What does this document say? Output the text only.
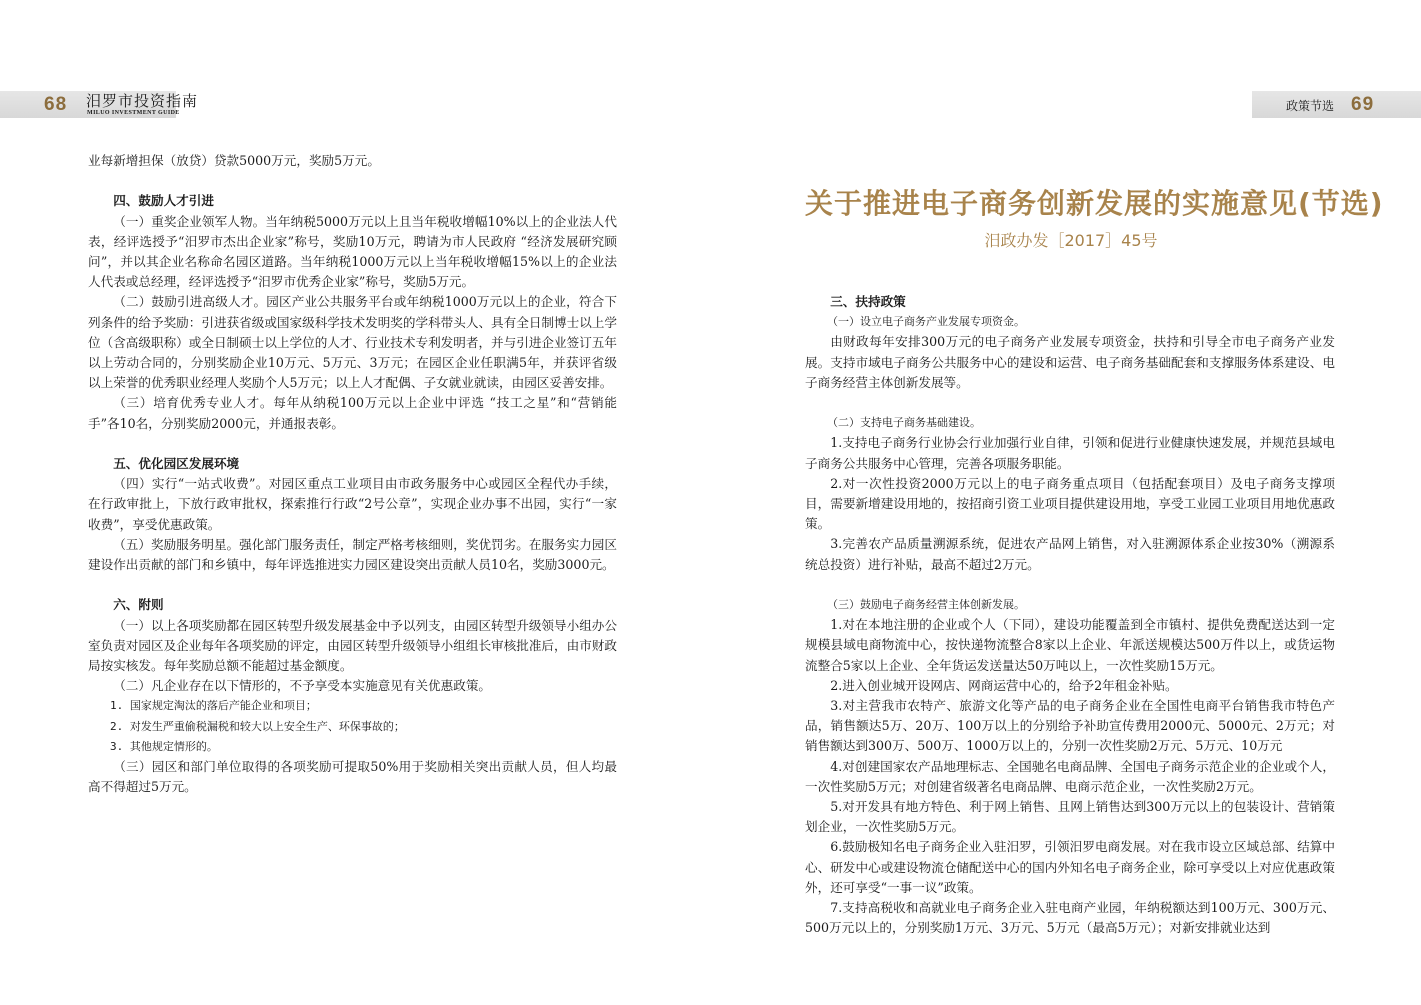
68 汨罗市投资指南
MILUO INVESTMENT GUIDE	政策节选 69

业每新增担保（放贷）贷款5000万元，奖励5万元。

四、鼓励人才引进

（一）重奖企业领军人物。当年纳税5000万元以上且当年税收增幅10%以上的企业法人代表，经评选授予“汨罗市杰出企业家”称号，奖励10万元，聘请为市人民政府 “经济发展研究顾问”，并以其企业名称命名园区道路。当年纳税1000万元以上当年税收增幅15%以上的企业法人代表或总经理，经评选授予“汨罗市优秀企业家”称号，奖励5万元。

（二）鼓励引进高级人才。园区产业公共服务平台或年纳税1000万元以上的企业，符合下列条件的给予奖励：引进获省级或国家级科学技术发明奖的学科带头人、具有全日制博士以上学位（含高级职称）或全日制硕士以上学位的人才、行业技术专利发明者，并与引进企业签订五年以上劳动合同的，分别奖励企业10万元、5万元、3万元；在园区企业任职满5年，并获评省级以上荣誉的优秀职业经理人奖励个人5万元；以上人才配偶、子女就业就读，由园区妥善安排。

（三）培育优秀专业人才。每年从纳税100万元以上企业中评选 “技工之星”和“营销能手”各10名，分别奖励2000元，并通报表彰。

五、优化园区发展环境

（四）实行“一站式收费”。对园区重点工业项目由市政务服务中心或园区全程代办手续，在行政审批上，下放行政审批权，探索推行行政“2号公章”，实现企业办事不出园，实行“一家收费”，享受优惠政策。

（五）奖励服务明星。强化部门服务责任，制定严格考核细则，奖优罚劣。在服务实力园区建设作出贡献的部门和乡镇中，每年评选推进实力园区建设突出贡献人员10名，奖励3000元。

六、附则

（一）以上各项奖励都在园区转型升级发展基金中予以列支，由园区转型升级领导小组办公室负责对园区及企业每年各项奖励的评定，由园区转型升级领导小组组长审核批准后，由市财政局按实核发。每年奖励总额不能超过基金额度。

（二）凡企业存在以下情形的，不予享受本实施意见有关优惠政策。

1. 国家规定淘汰的落后产能企业和项目；

2. 对发生严重偷税漏税和较大以上安全生产、环保事故的；

3. 其他规定情形的。

（三）园区和部门单位取得的各项奖励可提取50%用于奖励相关突出贡献人员，但人均最高不得超过5万元。

关于推进电子商务创新发展的实施意见(节选)
汨政办发［2017］45号

三、扶持政策

（一）设立电子商务产业发展专项资金。

由财政每年安排300万元的电子商务产业发展专项资金，扶持和引导全市电子商务产业发展。支持市域电子商务公共服务中心的建设和运营、电子商务基础配套和支撑服务体系建设、电子商务经营主体创新发展等。

（二）支持电子商务基础建设。

1.支持电子商务行业协会行业加强行业自律，引领和促进行业健康快速发展，并规范县域电子商务公共服务中心管理，完善各项服务职能。

2.对一次性投资2000万元以上的电子商务重点项目（包括配套项目）及电子商务支撑项目，需要新增建设用地的，按招商引资工业项目提供建设用地，享受工业园工业项目用地优惠政策。

3.完善农产品质量溯源系统，促进农产品网上销售，对入驻溯源体系企业按30%（溯源系统总投资）进行补贴，最高不超过2万元。

（三）鼓励电子商务经营主体创新发展。

1.对在本地注册的企业或个人（下同），建设功能覆盖到全市镇村、提供免费配送达到一定规模县域电商物流中心，按快递物流整合8家以上企业、年派送规模达500万件以上，或货运物流整合5家以上企业、全年货运发送量达50万吨以上，一次性奖励15万元。

2.进入创业城开设网店、网商运营中心的，给予2年租金补贴。

3.对主营我市农特产、旅游文化等产品的电子商务企业在全国性电商平台销售我市特色产品，销售额达5万、20万、100万以上的分别给予补助宣传费用2000元、5000元、2万元；对销售额达到300万、500万、1000万以上的，分别一次性奖励2万元、5万元、10万元

4.对创建国家农产品地理标志、全国驰名电商品牌、全国电子商务示范企业的企业或个人，一次性奖励5万元；对创建省级著名电商品牌、电商示范企业，一次性奖励2万元。

5.对开发具有地方特色、利于网上销售、且网上销售达到300万元以上的包装设计、营销策划企业，一次性奖励5万元。

6.鼓励极知名电子商务企业入驻汨罗，引领汨罗电商发展。对在我市设立区域总部、结算中心、研发中心或建设物流仓储配送中心的国内外知名电子商务企业，除可享受以上对应优惠政策外，还可享受“一事一议”政策。

7.支持高税收和高就业电子商务企业入驻电商产业园，年纳税额达到100万元、300万元、500万元以上的，分别奖励1万元、3万元、5万元（最高5万元）；对新安排就业达到
